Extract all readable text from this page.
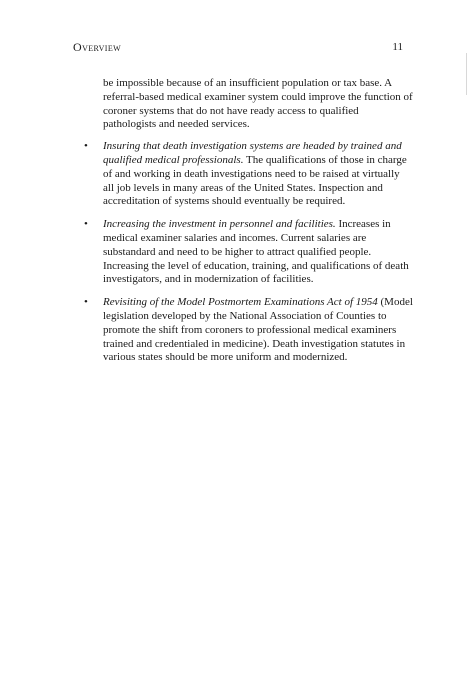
Overview	11

be impossible because of an insufficient population or tax base. A referral-based medical examiner system could improve the function of coroner systems that do not have ready access to qualified pathologists and needed services.

• Insuring that death investigation systems are headed by trained and qualified medical professionals. The qualifications of those in charge of and working in death investigations need to be raised at virtually all job levels in many areas of the United States. Inspection and accreditation of systems should eventually be required.
• Increasing the investment in personnel and facilities. Increases in medical examiner salaries and incomes. Current salaries are substandard and need to be higher to attract qualified people. Increasing the level of education, training, and qualifications of death investigators, and in modernization of facilities.
• Revisiting of the Model Postmortem Examinations Act of 1954 (Model legislation developed by the National Association of Counties to promote the shift from coroners to professional medical examiners trained and credentialed in medicine). Death investigation statutes in various states should be more uniform and modernized.
